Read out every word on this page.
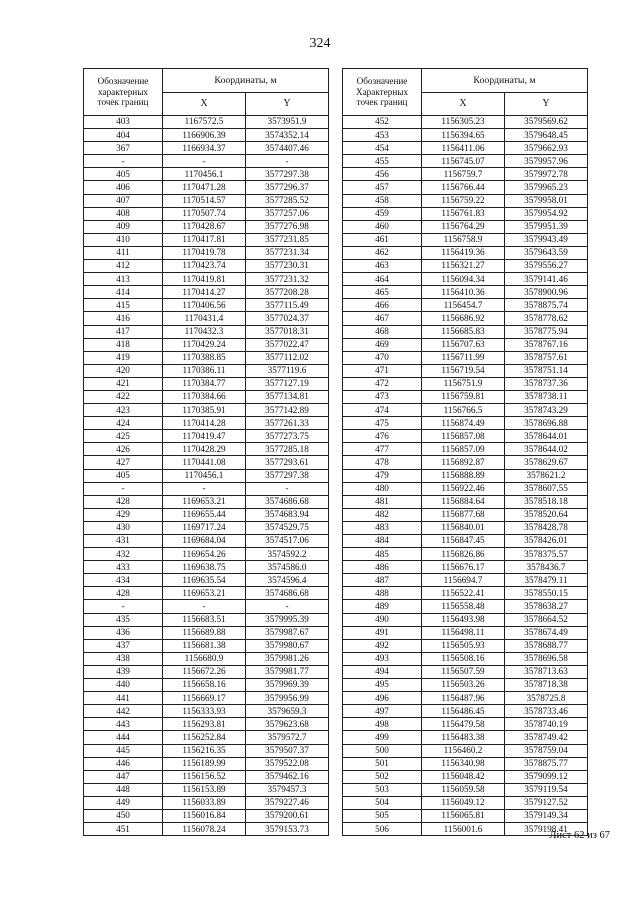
324
Обозначение
характерных
точек границ	Координаты, м	
	X	Y
403	1167572.5	3573951.9
404	1166906.39	3574352.14
367	1166934.37	3574407.46
-	-	-
405	1170456.1	3577297.38
406	1170471.28	3577296.37
407	1170514.57	3577285.52
408	1170507.74	3577257.06
409	1170428.67	3577276.98
410	1170417.81	3577231.85
411	1170419.78	3577231.34
412	1170423.74	3577230.31
413	1170419.81	3577231.32
414	1170414.27	3577208.28
415	1170406.56	3577115.49
416	1170431.4	3577024.37
417	1170432.3	3577018.31
418	1170429.24	3577022.47
419	1170388.85	3577112.02
420	1170386.11	3577119.6
421	1170384.77	3577127.19
422	1170384.66	3577134.81
423	1170385.91	3577142.89
424	1170414.28	3577261.33
425	1170419.47	3577273.75
426	1170428.29	3577285.18
427	1170441.08	3577293.61
405	1170456.1	3577297.38
-	-	-
428	1169653.21	3574686.68
429	1169655.44	3574683.94
430	1169717.24	3574529.75
431	1169684.04	3574517.06
432	1169654.26	3574592.2
433	1169638.75	3574586.0
434	1169635.54	3574596.4
428	1169653.21	3574686.68
-	-	-
435	1156683.51	3579995.39
436	1156689.88	3579987.67
437	1156681.38	3579980.67
438	1156680.9	3579981.26
439	1156672.26	3579981.77
440	1156658.16	3579969.39
441	1156669.17	3579956.99
442	1156333.93	3579659.3
443	1156293.81	3579623.68
444	1156252.84	3579572.7
445	1156216.35	3579507.37
446	1156189.99	3579522.08
447	1156156.52	3579462.16
448	1156153.89	3579457.3
449	1156033.89	3579227.46
450	1156016.84	3579200.61
451	1156078.24	3579153.73
Обозначение
Характерных
точек границ	Координаты, м	
	X	Y
452	1156305.23	3579569.62
453	1156394.65	3579648.45
454	1156411.06	3579662.93
455	1156745.07	3579957.96
456	1156759.7	3579972.78
457	1156766.44	3579965.23
458	1156759.22	3579958.01
459	1156761.83	3579954.92
460	1156764.29	3579951.39
461	1156758.9	3579943.49
462	1156419.36	3579643.59
463	1156321.27	3579556.27
464	1156094.34	3579141.46
465	1156410.36	3578900.96
466	1156454.7	3578875.74
467	1156686.92	3578778.62
468	1156685.83	3578775.94
469	1156707.63	3578767.16
470	1156711.99	3578757.61
471	1156719.54	3578751.14
472	1156751.9	3578737.36
473	1156759.81	3578738.11
474	1156766.5	3578743.29
475	1156874.49	3578696.88
476	1156857.08	3578644.01
477	1156857.09	3578644.02
478	1156892.87	3578629.67
479	1156888.89	3578621.2
480	1156922.46	3578607.55
481	1156884.64	3578518.18
482	1156877.68	3578520.64
483	1156840.01	3578428.78
484	1156847.45	3578426.01
485	1156826.86	3578375.57
486	1156676.17	3578436.7
487	1156694.7	3578479.11
488	1156522.41	3578550.15
489	1156558.48	3578638.27
490	1156493.98	3578664.52
491	1156498.11	3578674.49
492	1156505.93	3578688.77
493	1156508.16	3578696.58
494	1156507.59	3578713.63
495	1156503.26	3578718.38
496	1156487.96	3578725.8
497	1156486.45	3578733.46
498	1156479.58	3578740.19
499	1156483.38	3578749.42
500	1156460.2	3578759.04
501	1156340.98	3578875.77
502	1156048.42	3579099.12
503	1156059.58	3579119.54
504	1156049.12	3579127.52
505	1156065.81	3579149.34
506	1156001.6	3579198.41
Лист 62 из 67
